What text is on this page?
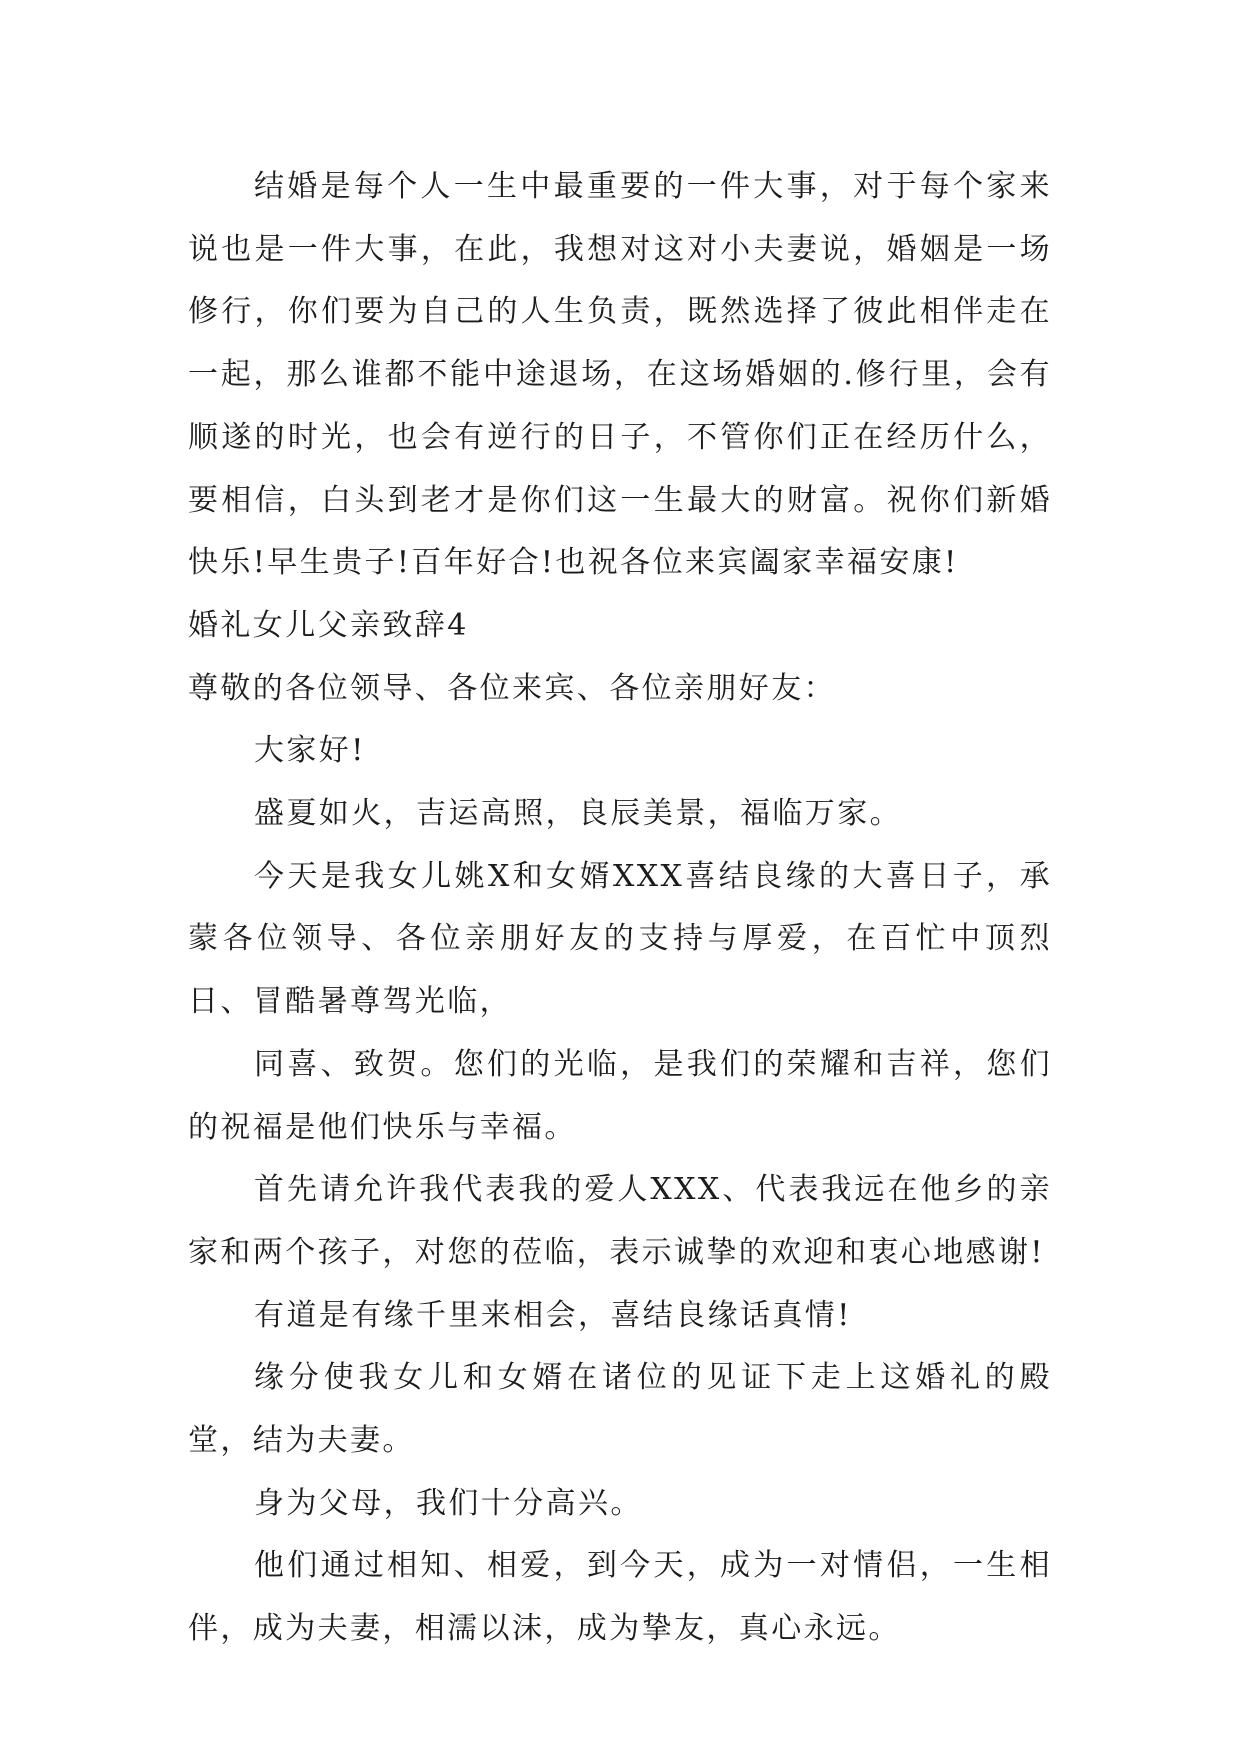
结婚是每个人一生中最重要的一件大事，对于每个家来说也是一件大事，在此，我想对这对小夫妻说，婚姻是一场修行，你们要为自己的人生负责，既然选择了彼此相伴走在一起，那么谁都不能中途退场，在这场婚姻的.修行里，会有顺遂的时光，也会有逆行的日子，不管你们正在经历什么，要相信，白头到老才是你们这一生最大的财富。祝你们新婚快乐!早生贵子!百年好合!也祝各位来宾阖家幸福安康!

婚礼女儿父亲致辞4

尊敬的各位领导、各位来宾、各位亲朋好友：

大家好!

盛夏如火，吉运高照，良辰美景，福临万家。

今天是我女儿姚X和女婿XXX喜结良缘的大喜日子，承蒙各位领导、各位亲朋好友的支持与厚爱，在百忙中顶烈日、冒酷暑尊驾光临，

同喜、致贺。您们的光临，是我们的荣耀和吉祥，您们的祝福是他们快乐与幸福。

首先请允许我代表我的爱人XXX、代表我远在他乡的亲家和两个孩子，对您的莅临，表示诚挚的欢迎和衷心地感谢!

有道是有缘千里来相会，喜结良缘话真情!

缘分使我女儿和女婿在诸位的见证下走上这婚礼的殿堂，结为夫妻。

身为父母，我们十分高兴。

他们通过相知、相爱，到今天，成为一对情侣，一生相伴，成为夫妻，相濡以沫，成为挚友，真心永远。
